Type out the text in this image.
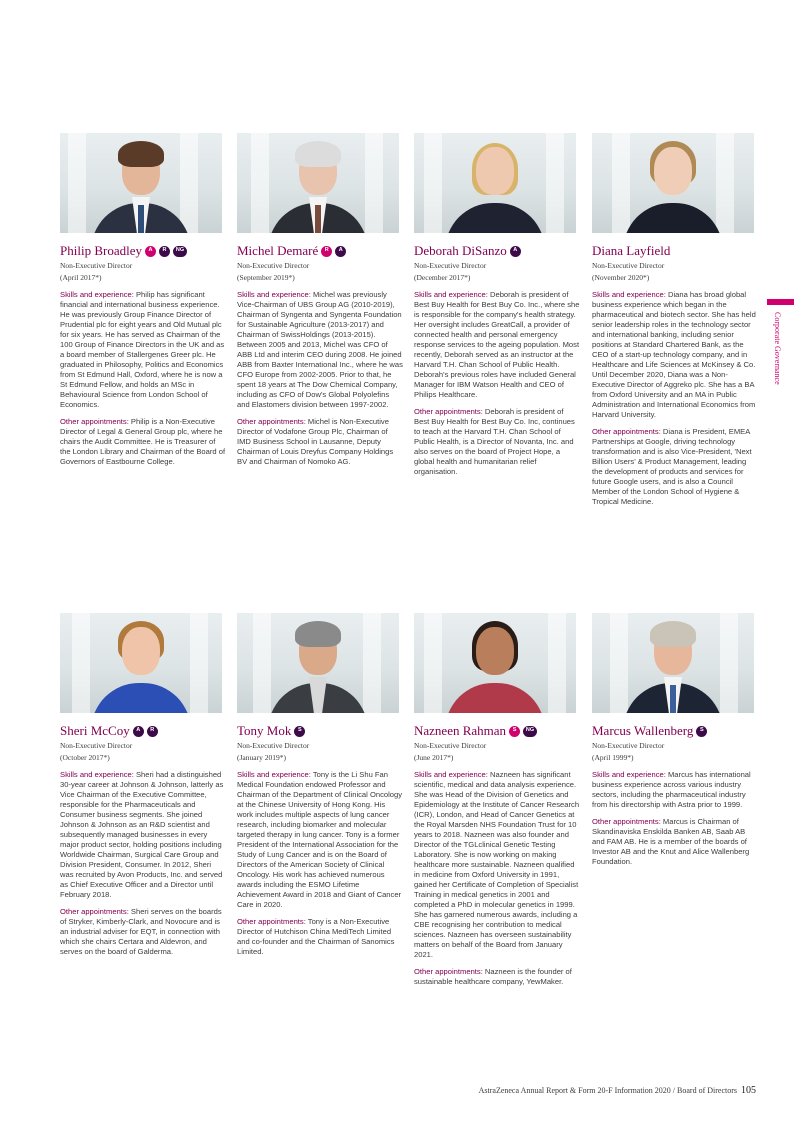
Corporate Governance
Philip Broadley	A	R	NG
Non-Executive Director
(April 2017*)

Skills and experience: Philip has significant financial and international business experience. He was previously Group Finance Director of Prudential plc for eight years and Old Mutual plc for six years. He has served as Chairman of the 100 Group of Finance Directors in the UK and as a board member of Stallergenes Greer plc. He graduated in Philosophy, Politics and Economics from St Edmund Hall, Oxford, where he is now a St Edmund Fellow, and holds an MSc in Behavioural Science from London School of Economics.

Other appointments: Philip is a Non-Executive Director of Legal & General Group plc, where he chairs the Audit Committee. He is Treasurer of the London Library and Chairman of the Board of Governors of Eastbourne College.

Michel Demaré	R	A
Non-Executive Director
(September 2019*)

Skills and experience: Michel was previously Vice-Chairman of UBS Group AG (2010-2019), Chairman of Syngenta and Syngenta Foundation for Sustainable Agriculture (2013-2017) and Chairman of SwissHoldings (2013-2015). Between 2005 and 2013, Michel was CFO of ABB Ltd and interim CEO during 2008. He joined ABB from Baxter International Inc., where he was CFO Europe from 2002-2005. Prior to that, he spent 18 years at The Dow Chemical Company, including as CFO of Dow's Global Polyolefins and Elastomers division between 1997-2002.

Other appointments: Michel is Non-Executive Director of Vodafone Group Plc, Chairman of IMD Business School in Lausanne, Deputy Chairman of Louis Dreyfus Company Holdings BV and Chairman of Nomoko AG.

Deborah DiSanzo	A
Non-Executive Director
(December 2017*)

Skills and experience: Deborah is president of Best Buy Health for Best Buy Co. Inc., where she is responsible for the company's health strategy. Her oversight includes GreatCall, a provider of connected health and personal emergency response services to the ageing population. Most recently, Deborah served as an instructor at the Harvard T.H. Chan School of Public Health. Deborah's previous roles have included General Manager for IBM Watson Health and CEO of Philips Healthcare.

Other appointments: Deborah is president of Best Buy Health for Best Buy Co. Inc, continues to teach at the Harvard T.H. Chan School of Public Health, is a Director of Novanta, Inc. and also serves on the board of Project Hope, a global health and humanitarian relief organisation.

Diana Layfield
Non-Executive Director
(November 2020*)

Skills and experience: Diana has broad global business experience which began in the pharmaceutical and biotech sector. She has held senior leadership roles in the technology sector and international banking, including senior positions at Standard Chartered Bank, as the CEO of a start-up technology company, and in Healthcare and Life Sciences at McKinsey & Co. Until December 2020, Diana was a Non-Executive Director of Aggreko plc. She has a BA from Oxford University and an MA in Public Administration and International Economics from Harvard University.

Other appointments: Diana is President, EMEA Partnerships at Google, driving technology transformation and is also Vice-President, 'Next Billion Users' & Product Management, leading the development of products and services for future Google users, and is also a Council Member of the London School of Hygiene & Tropical Medicine.

Sheri McCoy	A	R
Non-Executive Director
(October 2017*)

Skills and experience: Sheri had a distinguished 30-year career at Johnson & Johnson, latterly as Vice Chairman of the Executive Committee, responsible for the Pharmaceuticals and Consumer business segments. She joined Johnson & Johnson as an R&D scientist and subsequently managed businesses in every major product sector, holding positions including Worldwide Chairman, Surgical Care Group and Division President, Consumer. In 2012, Sheri was recruited by Avon Products, Inc. and served as Chief Executive Officer and a Director until February 2018.

Other appointments: Sheri serves on the boards of Stryker, Kimberly-Clark, and Novocure and is an industrial adviser for EQT, in connection with which she chairs Certara and Aldevron, and serves on the board of Galderma.

Tony Mok	S
Non-Executive Director
(January 2019*)

Skills and experience: Tony is the Li Shu Fan Medical Foundation endowed Professor and Chairman of the Department of Clinical Oncology at the Chinese University of Hong Kong. His work includes multiple aspects of lung cancer research, including biomarker and molecular targeted therapy in lung cancer. Tony is a former President of the International Association for the Study of Lung Cancer and is on the Board of Directors of the American Society of Clinical Oncology. His work has achieved numerous awards including the ESMO Lifetime Achievement Award in 2018 and Giant of Cancer Care in 2020.

Other appointments: Tony is a Non-Executive Director of Hutchison China MediTech Limited and co-founder and the Chairman of Sanomics Limited.

Nazneen Rahman	S	NG
Non-Executive Director
(June 2017*)

Skills and experience: Nazneen has significant scientific, medical and data analysis experience. She was Head of the Division of Genetics and Epidemiology at the Institute of Cancer Research (ICR), London, and Head of Cancer Genetics at the Royal Marsden NHS Foundation Trust for 10 years to 2018. Nazneen was also founder and Director of the TGLclinical Genetic Testing Laboratory. She is now working on making healthcare more sustainable. Nazneen qualified in medicine from Oxford University in 1991, gained her Certificate of Completion of Specialist Training in medical genetics in 2001 and completed a PhD in molecular genetics in 1999. She has garnered numerous awards, including a CBE recognising her contribution to medical sciences. Nazneen has overseen sustainability matters on behalf of the Board from January 2021.

Other appointments: Nazneen is the founder of sustainable healthcare company, YewMaker.

Marcus Wallenberg	S
Non-Executive Director
(April 1999*)

Skills and experience: Marcus has international business experience across various industry sectors, including the pharmaceutical industry from his directorship with Astra prior to 1999.

Other appointments: Marcus is Chairman of Skandinaviska Enskilda Banken AB, Saab AB and FAM AB. He is a member of the boards of Investor AB and the Knut and Alice Wallenberg Foundation.

AstraZeneca Annual Report & Form 20-F Information 2020 / Board of Directors 105
